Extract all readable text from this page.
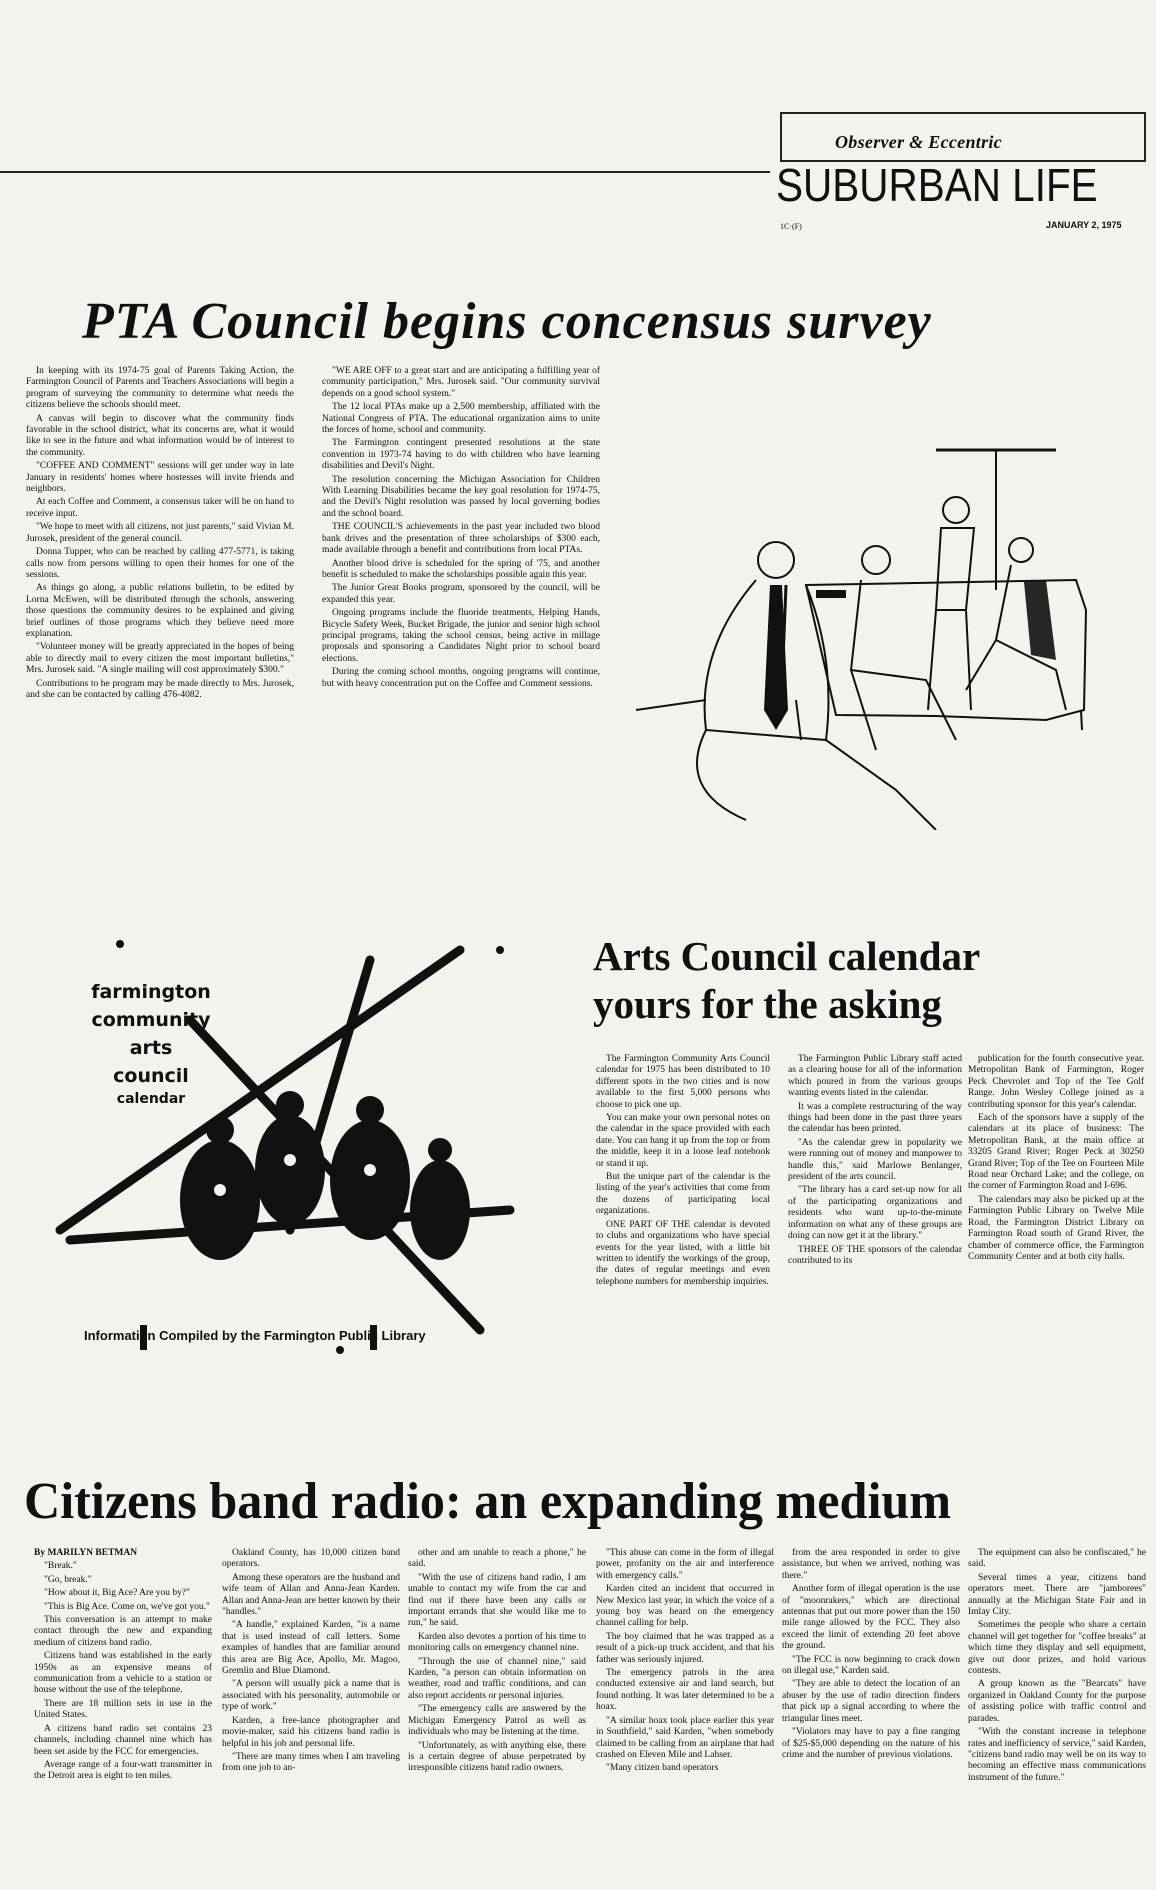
Observer & Eccentric
SUBURBAN LIFE
1C·(F)	JANUARY 2, 1975
PTA Council begins concensus survey

In keeping with its 1974-75 goal of Parents Taking Action, the Farmington Council of Parents and Teachers Associations will begin a program of surveying the community to determine what needs the citizens believe the schools should meet.

A canvas will begin to discover what the community finds favorable in the school district, what its concerns are, what it would like to see in the future and what information would be of interest to the community.

"COFFEE AND COMMENT" sessions will get under way in late January in residents' homes where hostesses will invite friends and neighbors.

At each Coffee and Comment, a consensus taker will be on hand to receive input.

"We hope to meet with all citizens, not just parents," said Vivian M. Jurosek, president of the general council.

Donna Tupper, who can be reached by calling 477-5771, is taking calls now from persons willing to open their homes for one of the sessions.

As things go along, a public relations bulletin, to be edited by Lorna McEwen, will be distributed through the schools, answering those questions the community desires to be explained and giving brief outlines of those programs which they believe need more explanation.

"Volunteer money will be greatly appreciated in the hopes of being able to directly mail to every citizen the most important bulletins," Mrs. Jurosek said. "A single mailing will cost approximately $300."

Contributions to he program may be made directly to Mrs. Jurosek, and she can be contacted by calling 476-4082.

"WE ARE OFF to a great start and are anticipating a fulfilling year of community participation," Mrs. Jurosek said. "Our community survival depends on a good school system."

The 12 local PTAs make up a 2,500 membership, affiliated with the National Congress of PTA. The educational organization aims to unite the forces of home, school and community.

The Farmington contingent presented resolutions at the state convention in 1973-74 having to do with children who have learning disabilities and Devil's Night.

The resolution concerning the Michigan Association for Children With Learning Disabilities became the key goal resolution for 1974-75, and the Devil's Night resolution was passed by local governing bodies and the school board.

THE COUNCIL'S achievements in the past year included two blood bank drives and the presentation of three scholarships of $300 each, made available through a benefit and contributions from local PTAs.

Another blood drive is scheduled for the spring of '75, and another benefit is scheduled to make the scholarships possible again this year.

The Junior Great Books program, sponsored by the council, will be expanded this year.

Ongoing programs include the fluoride treatments, Helping Hands, Bicycle Safety Week, Bucket Brigade, the junior and senior high school principal programs, taking the school census, being active in millage proposals and sponsoring a Candidates Night prior to school board elections.

During the coming school months, ongoing programs will continue, but with heavy concentration put on the Coffee and Comment sessions.

farmington
community
arts
council
calendar
Information Compiled by the Farmington Public Library
Arts Council calendar
yours for the asking

The Farmington Community Arts Council calendar for 1975 has been distributed to 10 different spots in the two cities and is now available to the first 5,000 persons who choose to pick one up.

You can make your own personal notes on the calendar in the space provided with each date. You can hang it up from the top or from the middle, keep it in a loose leaf notebook or stand it up.

But the unique part of the calendar is the listing of the year's activities that come from the dozens of participating local organizations.

ONE PART OF THE calendar is devoted to clubs and organizations who have special events for the year listed, with a little bit written to identify the workings of the group, the dates of regular meetings and even telephone numbers for membership inquiries.

The Farmington Public Library staff acted as a clearing house for all of the information which poured in from the various groups wanting events listed in the calendar.

It was a complete restructuring of the way things had been done in the past three years the calendar has been printed.

"As the calendar grew in popularity we were running out of money and manpower to handle this," said Marlowe Benlanger, president of the arts council.

"The library has a card set-up now for all of the participating organizations and residents who want up-to-the-minute information on what any of these groups are doing can now get it at the library."

THREE OF THE sponsors of the calendar contributed to its

publication for the fourth consecutive year. Metropolitan Bank of Farmington, Roger Peck Chevrolet and Top of the Tee Golf Range. John Wesley College joined as a contributing sponsor for this year's calendar.

Each of the sponsors have a supply of the calendars at its place of business: The Metropolitan Bank, at the main office at 33205 Grand River; Roger Peck at 30250 Grand River; Top of the Tee on Fourteen Mile Road near Orchard Lake; and the college, on the corner of Farmington Road and I-696.

The calendars may also be picked up at the Farmington Public Library on Twelve Mile Road, the Farmington District Library on Farmington Road south of Grand River, the chamber of commerce office, the Farmington Community Center and at both city halls.

Citizens band radio: an expanding medium

By MARILYN BETMAN

"Break."

"Go, break."

"How about it, Big Ace? Are you by?"

"This is Big Ace. Come on, we've got you."

This conversation is an attempt to make contact through the new and expanding medium of citizens band radio.

Citizens band was established in the early 1950s as an expensive means of communication from a vehicle to a station or house without the use of the telephone.

There are 18 million sets in use in the United States.

A citizens band radio set contains 23 channels, including channel nine which has been set aside by the FCC for emergencies.

Average range of a four-watt transmitter in the Detroit area is eight to ten miles.

Oakland County, has 10,000 citizen band operators.

Among these operators are the husband and wife team of Allan and Anna-Jean Karden. Allan and Anna-Jean are better known by their "handles."

"A handle," explained Karden, "is a name that is used instead of call letters. Some examples of handles that are familiar around this area are Big Ace, Apollo, Mr. Magoo, Gremlin and Blue Diamond.

"A person will usually pick a name that is associated with his personality, automobile or type of work."

Karden, a free-lance photographer and movie-maker, said his citizens band radio is helpful in his job and personal life.

"There are many times when I am traveling from one job to an-

other and am unable to reach a phone," he said.

"With the use of citizens band radio, I am unable to contact my wife from the car and find out if there have been any calls or important errands that she would like me to run," he said.

Karden also devotes a portion of his time to monitoring calls on emergency channel nine.

"Through the use of channel nine," said Karden, "a person can obtain information on weather, road and traffic conditions, and can also report accidents or personal injuries.

"The emergency calls are answered by the Michigan Emergency Patrol as well as individuals who may be listening at the time.

"Unfortunately, as with anything else, there is a certain degree of abuse perpetrated by irresponsible citizens band radio owners.

"This abuse can come in the form of illegal power, profanity on the air and interference with emergency calls."

Karden cited an incident that occurred in New Mexico last year, in which the voice of a young boy was heard on the emergency channel calling for help.

The boy claimed that he was trapped as a result of a pick-up truck accident, and that his father was seriously injured.

The emergency patrols in the area conducted extensive air and land search, but found nothing. It was later determined to be a hoax.

"A similar hoax took place earlier this year in Southfield," said Karden, "when somebody claimed to be calling from an airplane that had crashed on Eleven Mile and Lahser.

"Many citizen band operators

from the area responded in order to give assistance, but when we arrived, nothing was there."

Another form of illegal operation is the use of "moonrakers," which are directional antennas that put out more power than the 150 mile range allowed by the FCC. They also exceed the limit of extending 20 feet above the ground.

"The FCC is now beginning to crack down on illegal use," Karden said.

"They are able to detect the location of an abuser by the use of radio direction finders that pick up a signal according to where the triangular lines meet.

"Violators may have to pay a fine ranging of $25-$5,000 depending on the nature of his crime and the number of previous violations.

The equipment can also be confiscated," he said.

Several times a year, citizens band operators meet. There are "jamborees" annually at the Michigan State Fair and in Imlay City.

Sometimes the people who share a certain channel will get together for "coffee breaks" at which time they display and sell equipment, give out door prizes, and hold various contests.

A group known as the "Bearcats" have organized in Oakland County for the purpose of assisting police with traffic control and parades.

"With the constant increase in telephone rates and inefficiency of service," said Karden, "citizens band radio may well be on its way to becoming an effective mass communications instrument of the future."
